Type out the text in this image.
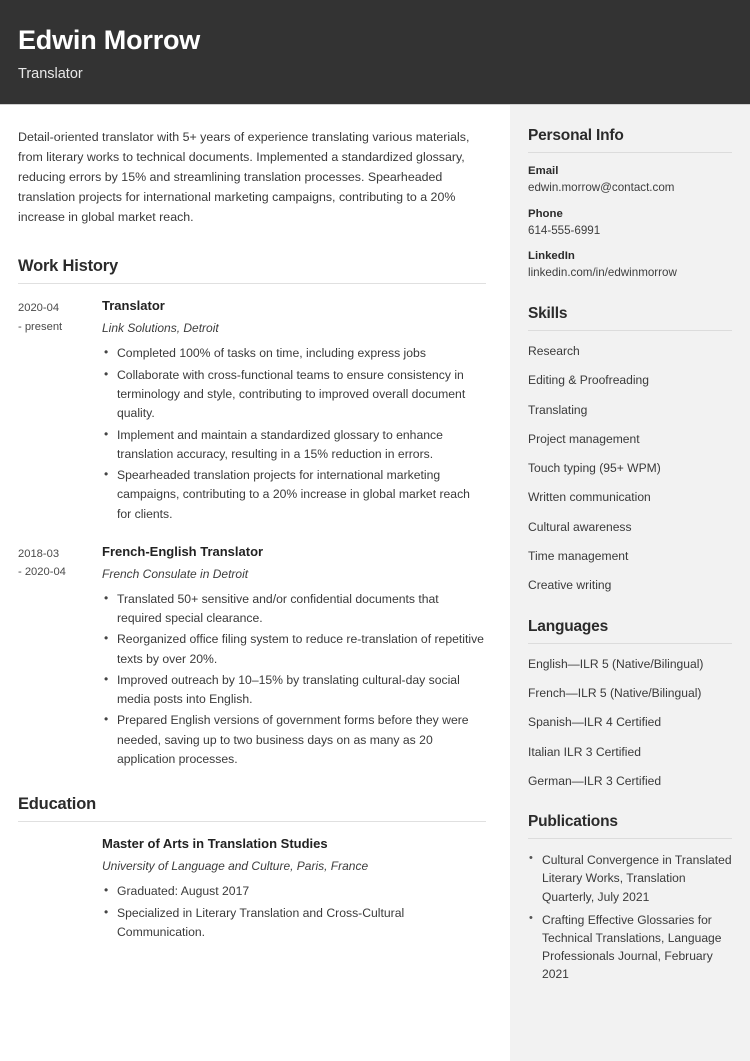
Edwin Morrow
Translator
Detail-oriented translator with 5+ years of experience translating various materials, from literary works to technical documents. Implemented a standardized glossary, reducing errors by 15% and streamlining translation processes. Spearheaded translation projects for international marketing campaigns, contributing to a 20% increase in global market reach.
Work History
2020-04
- present
Translator
Link Solutions, Detroit
• Completed 100% of tasks on time, including express jobs
• Collaborate with cross-functional teams to ensure consistency in terminology and style, contributing to improved overall document quality.
• Implement and maintain a standardized glossary to enhance translation accuracy, resulting in a 15% reduction in errors.
• Spearheaded translation projects for international marketing campaigns, contributing to a 20% increase in global market reach for clients.
2018-03
- 2020-04
French-English Translator
French Consulate in Detroit
• Translated 50+ sensitive and/or confidential documents that required special clearance.
• Reorganized office filing system to reduce re-translation of repetitive texts by over 20%.
• Improved outreach by 10–15% by translating cultural-day social media posts into English.
• Prepared English versions of government forms before they were needed, saving up to two business days on as many as 20 application processes.
Education
Master of Arts in Translation Studies
University of Language and Culture, Paris, France
• Graduated: August 2017
• Specialized in Literary Translation and Cross-Cultural Communication.
Personal Info
Email
edwin.morrow@contact.com
Phone
614-555-6991
LinkedIn
linkedin.com/in/edwinmorrow
Skills
Research
Editing & Proofreading
Translating
Project management
Touch typing (95+ WPM)
Written communication
Cultural awareness
Time management
Creative writing
Languages
English—ILR 5 (Native/Bilingual)
French—ILR 5 (Native/Bilingual)
Spanish—ILR 4 Certified
Italian ILR 3 Certified
German—ILR 3 Certified
Publications
• Cultural Convergence in Translated Literary Works, Translation Quarterly, July 2021
• Crafting Effective Glossaries for Technical Translations, Language Professionals Journal, February 2021
